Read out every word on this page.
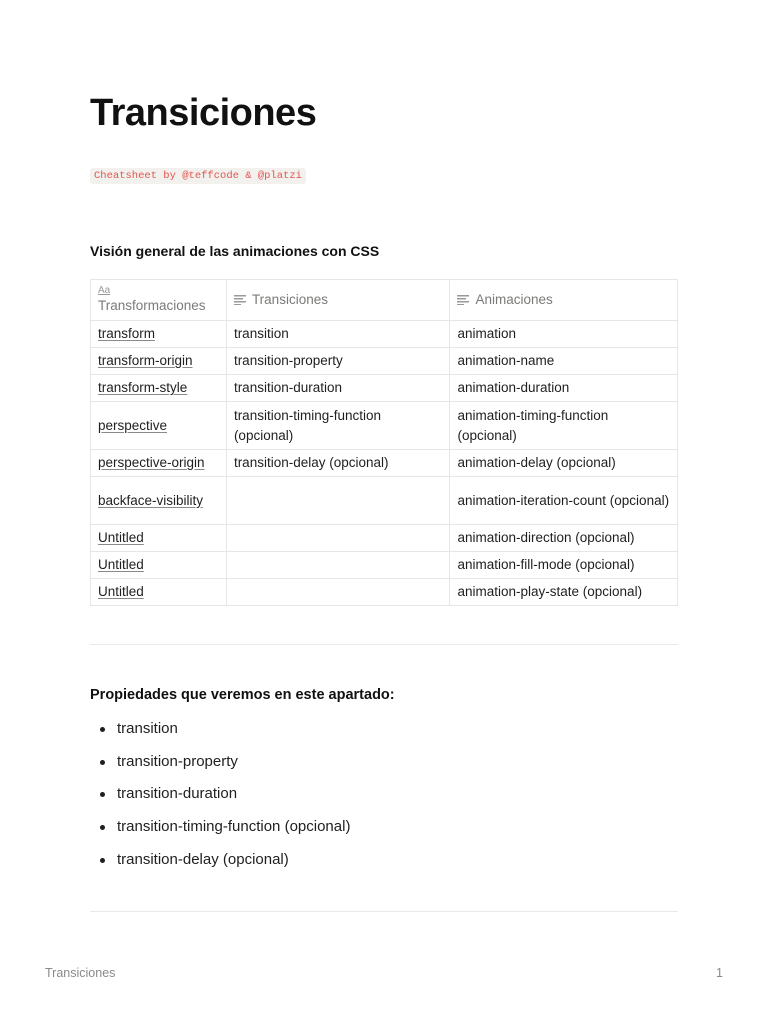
Transiciones
Cheatsheet by @teffcode & @platzi
Visión general de las animaciones con CSS
Aa
Transformaciones	Transiciones	Animaciones

transform	transition	animation
transform-origin	transition-property	animation-name
transform-style	transition-duration	animation-duration
perspective	transition-timing-function (opcional)	animation-timing-function (opcional)
perspective-origin	transition-delay (opcional)	animation-delay (opcional)
backface-visibility		animation-iteration-count (opcional)
Untitled		animation-direction (opcional)
Untitled		animation-fill-mode (opcional)
Untitled		animation-play-state (opcional)
Propiedades que veremos en este apartado:
transition
transition-property
transition-duration
transition-timing-function (opcional)
transition-delay (opcional)
Transiciones	1
